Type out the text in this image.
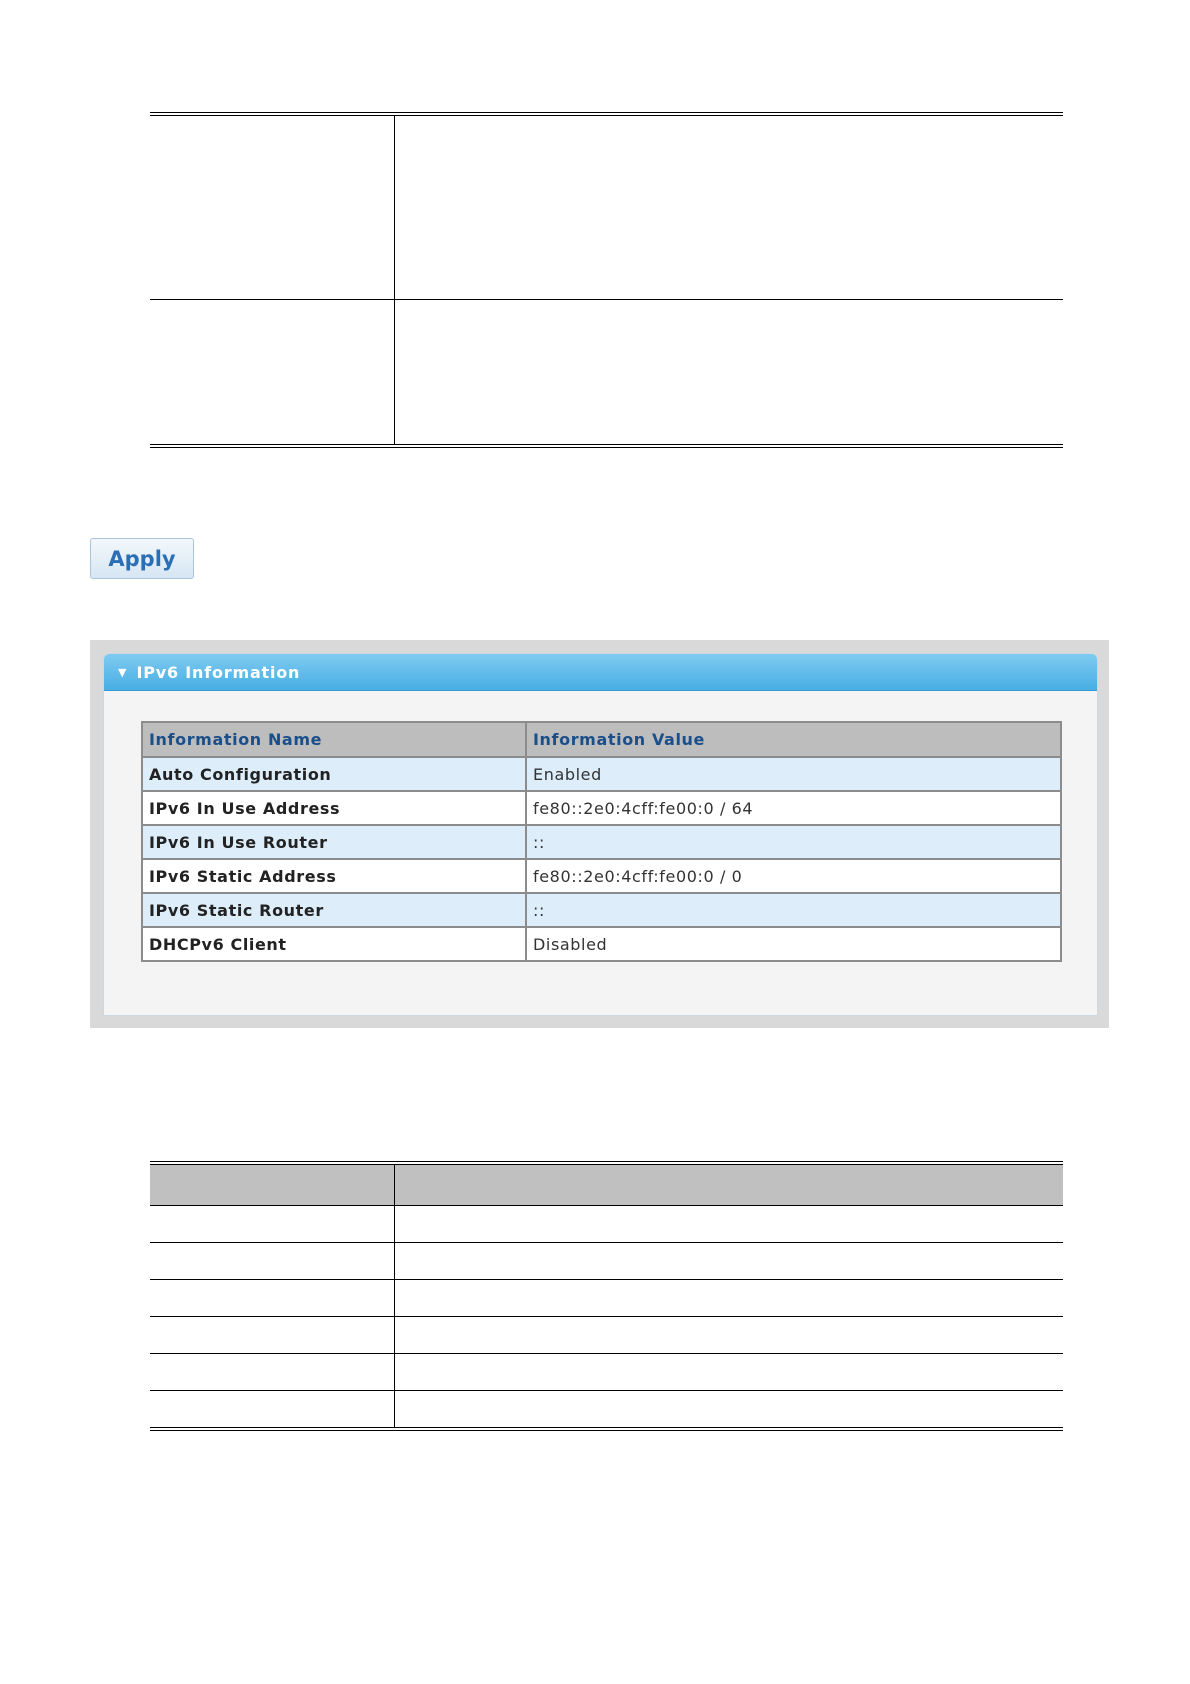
Apply
▼ IPv6 Information
Information Name	Information Value
Auto Configuration	Enabled
IPv6 In Use Address	fe80::2e0:4cff:fe00:0 / 64
IPv6 In Use Router	::
IPv6 Static Address	fe80::2e0:4cff:fe00:0 / 0
IPv6 Static Router	::
DHCPv6 Client	Disabled
